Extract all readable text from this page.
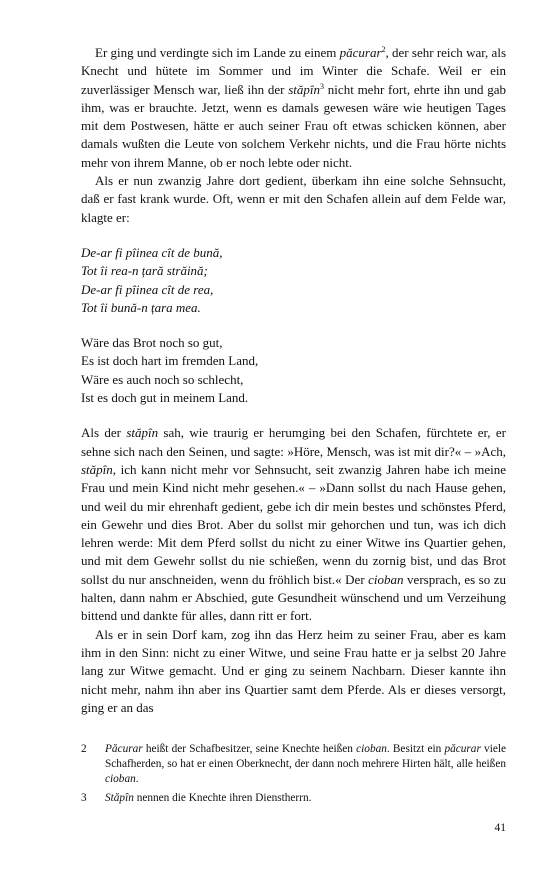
Er ging und verdingte sich im Lande zu einem păcurar$^2$, der sehr reich war, als Knecht und hütete im Sommer und im Winter die Schafe. Weil er ein zuverlässiger Mensch war, ließ ihn der stăpîn$^3$ nicht mehr fort, ehrte ihn und gab ihm, was er brauchte. Jetzt, wenn es damals gewesen wäre wie heutigen Tages mit dem Postwesen, hätte er auch seiner Frau oft etwas schicken können, aber damals wußten die Leute von solchem Verkehr nichts, und die Frau hörte nichts mehr von ihrem Manne, ob er noch lebte oder nicht.

Als er nun zwanzig Jahre dort gedient, überkam ihn eine solche Sehnsucht, daß er fast krank wurde. Oft, wenn er mit den Schafen allein auf dem Felde war, klagte er:

De-ar fi pîinea cît de bună,
Tot îi rea-n țară străină;
De-ar fi pîinea cît de rea,
Tot îi bună-n țara mea.
Wäre das Brot noch so gut,
Es ist doch hart im fremden Land,
Wäre es auch noch so schlecht,
Ist es doch gut in meinem Land.

Als der stăpîn sah, wie traurig er herumging bei den Schafen, fürchtete er, er sehne sich nach den Seinen, und sagte: »Höre, Mensch, was ist mit dir?« – »Ach, stăpîn, ich kann nicht mehr vor Sehnsucht, seit zwanzig Jahren habe ich meine Frau und mein Kind nicht mehr gesehen.« – »Dann sollst du nach Hause gehen, und weil du mir ehrenhaft gedient, gebe ich dir mein bestes und schönstes Pferd, ein Gewehr und dies Brot. Aber du sollst mir gehorchen und tun, was ich dich lehren werde: Mit dem Pferd sollst du nicht zu einer Witwe ins Quartier gehen, und mit dem Gewehr sollst du nie schießen, wenn du zornig bist, und das Brot sollst du nur anschneiden, wenn du fröhlich bist.« Der cioban versprach, es so zu halten, dann nahm er Abschied, gute Gesundheit wünschend und um Verzeihung bittend und dankte für alles, dann ritt er fort.

Als er in sein Dorf kam, zog ihn das Herz heim zu seiner Frau, aber es kam ihm in den Sinn: nicht zu einer Witwe, und seine Frau hatte er ja selbst 20 Jahre lang zur Witwe gemacht. Und er ging zu seinem Nachbarn. Dieser kannte ihn nicht mehr, nahm ihn aber ins Quartier samt dem Pferde. Als er dieses versorgt, ging er an das

2	Păcurar heißt der Schafbesitzer, seine Knechte heißen cioban. Besitzt ein păcurar viele Schafherden, so hat er einen Oberknecht, der dann noch mehrere Hirten hält, alle heißen cioban.
3	Stăpîn nennen die Knechte ihren Dienstherrn.
41
